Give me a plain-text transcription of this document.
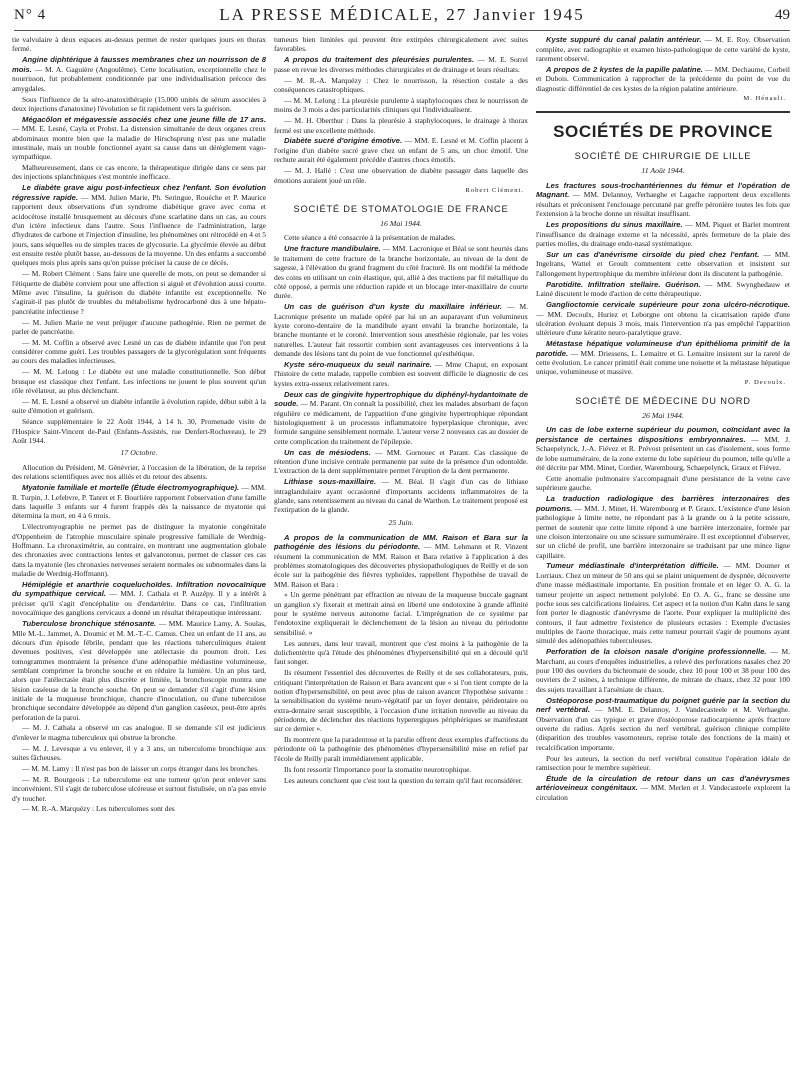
N° 4	LA PRESSE MÉDICALE, 27 Janvier 1945	49

tie valvulaire à deux espaces au-dessus permet de rester quelques jours en thorax fermé.

Angine diphtérique à fausses membranes chez un nourrisson de 8 mois. — M. A. Gaguière (Angoulême). Cette localisation, exceptionnelle chez le nourrisson, fut probablement conditionnée par une individualisation précoce des amygdales.

Sous l'influence de la séro-anatoxithérapie (15.000 unités de sérum associées à deux injections d'anatoxine) l'évolution se fit rapidement vers la guérison.

Mégacôlon et mégavessie associés chez une jeune fille de 17 ans. — MM. E. Lesné, Cayla et Probst. La distension simultanée de deux organes creux abdominaux montre bien que la maladie de Hirschsprung n'est pas une maladie intestinale, mais un trouble fonctionnel ayant sa cause dans un dérèglement vago-sympathique.

Malheureusement, dans ce cas encore, la thérapeutique dirigée dans ce sens par des injections splanchniques s'est montrée inefficace.

Le diabète grave aigu post-infectieux chez l'enfant. Son évolution régressive rapide. — MM. Julien Marie, Ph. Seringue, Rouèche et P. Maurice rapportent deux observations d'un syndrome diabétique grave avec coma et acidocétose installé brusquement au décours d'une scarlatine dans un cas, au cours d'un ictère infectieux dans l'autre. Sous l'influence de l'administration, large d'hydrates de carbone et l'injection d'insuline, les phénomènes ont rétrocédé en 4 et 5 jours, sans séquelles ou de simples traces de glycosurie. La glycémie élevée au début est ensuite restée plutôt basse, au-dessous de la moyenne. Un des enfants a succombé quelques mois plus après sans qu'on puisse préciser la cause de ce décès.

— M. Robert Clément : Sans faire une querelle de mots, on peut se demander si l'étiquette de diabète convient pour une affection si aiguë et d'évolution aussi courte. Même avec l'insuline, la guérison du diabète infantile est exceptionnelle. Ne s'agirait-il pas plutôt de troubles du métabolisme hydrocarboné dus à une hépato-pancréatite infectieuse ?

— M. Julien Marie ne veut préjuger d'aucune pathogénie. Rien ne permet de parler de pancréatite.

— M. M. Coffin a observé avec Lesné un cas de diabète infantile que l'on peut considérer comme guéri. Les troubles passagers de la glycorégulation sont fréquents au cours des maladies infectieuses.

— M. M. Lelong : Le diabète est une maladie constitutionnelle. Son début brusque est classique chez l'enfant. Les infections ne jouent le plus souvent qu'un rôle révélateur, au plus déclenchant.

— M. E. Lesné a observé un diabète infantile à évolution rapide, début subit à la suite d'émotion et guérison.

Séance supplémentaire le 22 Août 1944, à 14 h. 30, Promenade visite de l'Hospice Saint-Vincent de-Paul (Enfants-Assistés, rue Denfert-Rochereau), le 29 Août 1944.

17 Octobre.

Allocution du Président, M. Génévrier, à l'occasion de la libération, de la reprise des relations scientifiques avec nos alliés et du retour des absents.

Myatonie familiale et mortelle (Étude électromyographique). — MM. R. Turpin, J. Lefebvre, P. Tanret et F. Bourlière rapportent l'observation d'une famille dans laquelle 3 enfants sur 4 furent frappés dès la naissance de myatonie qui détermina la mort, en 4 à 6 mois.

L'électromyographie ne permet pas de distinguer la myatonie congénitale d'Oppenheim de l'atrophie musculaire spinale progressive familiale de Werdnig-Hoffmann. La chronaximétrie, au contraire, en montrant une augmentation globale des chronaxies avec contractions lentes et galvanotonus, permet de classer ces cas dans la myatonie (les chronaxies nerveuses seraient normales ou subnormales dans la maladie de Werdnig-Hoffmann).

Hémiplégie et anarthrie coqueluchoïdes. Infiltration novocaïnique du sympathique cervical. — MM. J. Cathala et P. Auzépy. Il y a intérêt à préciser qu'il s'agit d'encéphalite ou d'endartérite. Dans ce cas, l'infiltration novocaïnique des ganglions cervicaux a donné un résultat thérapeutique intéressant.

Tuberculose bronchique sténosante. — MM. Maurice Lamy, A. Soulas, Mlle M.-L. Jammet, A. Doumic et M. M.-T.-C. Camus. Chez un enfant de 11 ans, au décours d'un épisode fébrile, pendant que les réactions tuberculiniques étaient devenues positives, s'est développée une atélectasie du poumon droit. Les tomogrammes montraient la présence d'une adénopathie médiastine volumineuse, semblant comprimer la bronche souche et en réduire la lumière. Un an plus tard, alors que l'atélectasie était plus discrète et limitée, la bronchoscopie montra une lésion caséeuse de la bronche souche. On peut se demander s'il s'agit d'une lésion initiale de la muqueuse bronchique, chancre d'inoculation, ou d'une tuberculose bronchique secondaire développée au dépend d'un ganglion caséeux, peut-être après perforation de la paroi.

— M. J. Cathala a observé un cas analogue. Il se demande s'il est judicieux d'enlever le magma tuberculeux qui obstrue la bronche.

— M. J. Levesque a vu enlever, il y a 3 ans, un tuberculome bronchique aux suites fâcheuses.

— M. M. Lamy : Il n'est pas bon de laisser un corps étranger dans les bronches.

— M. R. Bourgeois : Le tuberculome est une tumeur qu'on peut enlever sans inconvénient. S'il s'agit de tuberculose ulcéreuse et surtout fistulisée, on n'a pas envie d'y toucher.

— M. R.-A. Marquézy : Les tuberculomes sont des

tumeurs bien limitées qui peuvent être extirpées chirurgicalement avec suites favorables.

A propos du traitement des pleurésies purulentes. — M. E. Sorrel passe en revue les diverses méthodes chirurgicales et de drainage et leurs résultats.

— M. R.-A. Marquézy : Chez le nourrisson, la résection costale a des conséquences catastrophiques.

— M. M. Lelong : La pleurésie purulente à staphylocoques chez le nourrisson de moins de 3 mois a des particularités cliniques qui l'individualisent.

— M. H. Oberthur : Dans la pleurésie à staphylocoques, le drainage à thorax fermé est une excellente méthode.

Diabète sucré d'origine émotive. — MM. E. Lesné et M. Coffin placent à l'origine d'un diabète sucré grave chez un enfant de 5 ans, un choc émotif. Une rechute aurait été également précédée d'autres chocs émotifs.

— M. J. Hallé : C'est une observation de diabète passager dans laquelle des émotions auraient joué un rôle.

Robert Clément.
SOCIÉTÉ DE STOMATOLOGIE DE FRANCE
16 Mai 1944.

Cette séance a été consacrée à la présentation de malades.

Une fracture mandibulaire. — MM. Lacronique et Béal se sont heurtés dans le traitement de cette fracture de la branche horizontale, au niveau de la dent de sagesse, à l'élévation du grand fragment du côté fracturé. Ils ont modifié la méthode des coins en utilisant un coin élastique, qui, allié à des tractions par fil métallique du côté opposé, a permis une réduction rapide et un blocage inter-maxillaire de courte durée.

Un cas de guérison d'un kyste du maxillaire inférieur. — M. Lacronique présente un malade opéré par lui un an auparavant d'un volumineux kyste corono-dentaire de la mandibule ayant envahi la branche horizontale, la branche montante et le coroné. Intervention sous anesthésie régionale, par les voies naturelles. L'auteur fait ressortir combien sont avantageuses ces interventions à la demande des lésions tant du point de vue fonctionnel qu'esthétique.

Kyste séro-muqueux du seuil narinaire. — Mme Chaput, en exposant l'histoire de cette malade, rappelle combien est souvent difficile le diagnostic de ces kystes extra-osseux relativement rares.

Deux cas de gingivite hypertrophique du diphényl-hydantoïnate de soude. — M. Parant. On connaît la possibilité, chez les malades absorbant de façon régulière ce médicament, de l'apparition d'une gingivite hypertrophique répondant histologiquement à un processus inflammatoire hyperplasique chronique, avec formule sanguine sensiblement normale. L'auteur verse 2 nouveaux cas au dossier de cette complication du traitement de l'épilepsie.

Un cas de mésiodens. — MM. Gornouec et Parant. Cas classique de rétention d'une incisive centrale permanente par suite de la présence d'un odontoïde. L'extraction de la dent supplémentaire permet l'éruption de la dent permanente.

Lithiase sous-maxillaire. — M. Béal. Il s'agit d'un cas de lithiase intraglandulaire ayant occasionné d'importants accidents inflammatoires de la glande, sans retentissement au niveau du canal de Warthon. Le traitement proposé est l'extirpation de la glande.

25 Juin.

A propos de la communication de MM. Raison et Bara sur la pathogénie des lésions du périodonte. — MM. Lehmann et R. Vinzent résument la communication de MM. Raison et Bara relative à l'application à des problèmes stomatologiques des découvertes physiopathologiques de Reilly et de son école sur la pathogénie des fièvres typhoïdes, rappellent l'hypothèse de travail de MM. Raison et Bara :

« Un germe pénétrant par effraction au niveau de la muqueuse buccale gagnant un ganglion s'y fixerait et mettrait ainsi en liberté une endotoxine à grande affinité pour le système nerveux autonome facial. L'imprégnation de ce système par l'endotoxine expliquerait le déclenchement de la lésion au niveau du périodonte sensibilisé. »

Les auteurs, dans leur travail, montrent que c'est moins à la pathogénie de la dolichentérite qu'à l'étude des phénomènes d'hypersensibilité qui en a découlé qu'il faut songer.

Ils résument l'essentiel des découvertes de Reilly et de ses collaborateurs, puis, critiquant l'interprétation de Raison et Bara avancent que « si l'on tient compte de la notion d'hypersensibilité, on peut avec plus de raison avancer l'hypothèse suivante : la sensibilisation du système neuro-végétatif par un foyer dentaire, péridentaire ou extra-dentaire serait susceptible, à l'occasion d'une irritation nouvelle au niveau du périodonte, de déclencher des réactions hyperergiques périphériques se manifestant sur ce dernier ».

Ils montrent que la paradentose et la parulie offrent deux exemples d'affections du périodonte où la pathogénie des phénomènes d'hypersensibilité mise en relief par l'école de Reilly paraît immédiatement applicable.

Ils font ressortir l'importance pour la stomatite neurotrophique.

Les auteurs concluent que c'est tout la question du terrain qu'il faut reconsidérer.

Kyste suppuré du canal palatin antérieur. — M. E. Roy. Observation complète, avec radiographie et examen histo-pathologique de cette variété de kyste, rarement observé.

A propos de 2 kystes de la papille palatine. — MM. Dechaume, Corbeil et Dubois. Communication à rapprocher de la précédente du point de vue du diagnostic différentiel de ces kystes de la région palatine antérieure.

M. Hénault.
SOCIÉTÉS DE PROVINCE
SOCIÉTÉ DE CHIRURGIE DE LILLE
11 Août 1944.

Les fractures sous-trochantériennes du fémur et l'opération de Magnant. — MM. Delannoy, Verhaeghe et Lagache rapportent deux excellents résultats et préconisent l'enclouage percutané par greffe péronière toutes les fois que l'extension à la broche donne un résultat insuffisant.

Les propositions du sinus maxillaire. — MM. Piquet et Barlet montrent l'insuffisance du drainage externe et la nécessité, après fermeture de la plaie des parties molles, du drainage endo-nasal systématique.

Sur un cas d'anévrisme cirsoïde du pied chez l'enfant. — MM. Ingelrans, Wattel et Groult commentent cette observation et insistent sur l'allongement hypertrophique du membre inférieur dont ils discutent la pathogénie.

Parotidite. Infiltration stellaire. Guérison. — MM. Swynghedauw et Lainé discutent le mode d'action de cette thérapeutique.

Ganglioctomie cervicale supérieure pour zona ulcéro-nécrotique. — MM. Decoulx, Huriez et Leborgne ont obtenu la cicatrisation rapide d'une ulcération évoluant depuis 3 mois, mais l'intervention n'a pas empêché l'apparition ultérieure d'une kératite neuro-paralytique grave.

Métastase hépatique volumineuse d'un épithélioma primitif de la parotide. — MM. Driessens, L. Lemaitre et G. Lemaitre insistent sur la rareté de cette évolution. Le cancer primitif était comme une noisette et la métastase hépatique unique, volumineuse et massive.

P. Decoulx.
SOCIÉTÉ DE MÉDECINE DU NORD
26 Mai 1944.

Un cas de lobe externe supérieur du poumon, coïncidant avec la persistance de certaines dispositions embryonnaires. — MM. J. Schaepelynck, J.-A. Fiévez et R. Prévost présentent un cas d'isolement, sous forme de lobe surnuméraire, de la zone externe du lobe supérieur du poumon, telle qu'elle a été décrite par MM. Minet, Cordier, Warembourg, Schaepelynck, Graux et Fiévez.

Cette anomalie pulmonaire s'accompagnait d'une persistance de la veine cave supérieure gauche.

La traduction radiologique des barrières interzonaires des poumons. — MM. J. Minet, H. Warembourg et P. Graux. L'existence d'une lésion pathologique à limite nette, ne répondant pas à la grande ou à la petite scissure, permet de soutenir que cette limite répond à une barrière interzonaire, formée par une cloison interzonaire ou une scissure surnuméraire. Il est exceptionnel d'observer, sur un cliché de profil, une barrière interzonaire se traduisant par une mince ligne capillaire.

Tumeur médiastinale d'interprétation difficile. — MM. Doumer et Lorriaux. Chez un mineur de 50 ans qui se plaint uniquement de dyspnée, découverte d'une masse médiastinale importante. En position frontale et en léger O. A. G. la tumeur projette un aspect nettement polylobé. En O. A. G., franc se dessine une poche sous ses calcifications linéaires. Cet aspect et la notion d'un Kahn dans le sang font porter le diagnostic d'anévrysme de l'aorte. Pour expliquer la multiplicité des contours, il faut admettre l'existence de plusieurs ectasies : Exemple d'ectasies multiples de l'aorte thoracique, mais cette tumeur pourrait s'agir de poumons ayant simulé des adénopathies tuberculeuses.

Perforation de la cloison nasale d'origine professionnelle. — M. Marchant, au cours d'enquêtes industrielles, a relevé des perforations nasales chez 20 pour 100 des ouvriers du bichromate de soude, chez 10 pour 100 et 38 pour 100 des ouvriers de 2 usines, à technique différente, de mitrate de chaux, chez 32 pour 100 des sujets travaillant à l'arséniate de chaux.

Ostéoporose post-traumatique du poignet guérie par la section du nerf vertébral. — MM. E. Delannoy, J. Vandecasteele et M. Verhaeghe. Observation d'un cas typique et grave d'ostéoporose radiocarpienne après fracture ouverte du radius. Après section du nerf vertébral, guérison clinique complète (disparition des troubles vasomoteurs, reprise totale des fonctions de la main) et recalcification importante.

Pour les auteurs, la section du nerf vertébral constitue l'opération idéale de ramisection pour le membre supérieur.

Étude de la circulation de retour dans un cas d'anévrysmes artérioveineux congénitaux. — MM. Merlen et J. Vandecasteele explorent la circulation
